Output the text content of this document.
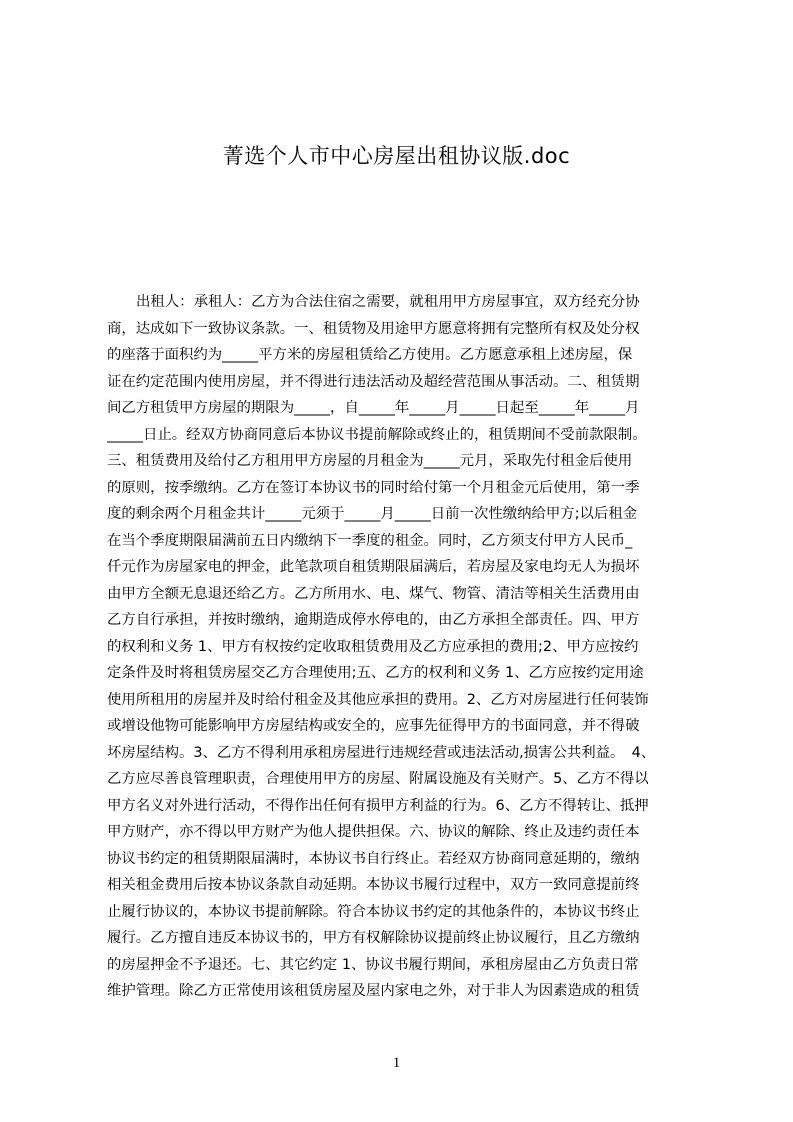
菁选个人市中心房屋出租协议版.doc
出租人：承租人：乙方为合法住宿之需要，就租用甲方房屋事宜，双方经充分协
商，达成如下一致协议条款。一、租赁物及用途甲方愿意将拥有完整所有权及处分权
的座落于面积约为_____平方米的房屋租赁给乙方使用。乙方愿意承租上述房屋，保
证在约定范围内使用房屋，并不得进行违法活动及超经营范围从事活动。二、租赁期
间乙方租赁甲方房屋的期限为_____，自_____年_____月_____日起至_____年_____月
_____日止。经双方协商同意后本协议书提前解除或终止的，租赁期间不受前款限制。
三、租赁费用及给付乙方租用甲方房屋的月租金为_____元月，采取先付租金后使用
的原则，按季缴纳。乙方在签订本协议书的同时给付第一个月租金元后使用，第一季
度的剩余两个月租金共计_____元须于_____月_____日前一次性缴纳给甲方;以后租金
在当个季度期限届满前五日内缴纳下一季度的租金。同时，乙方须支付甲方人民币_
仟元作为房屋家电的押金，此笔款项自租赁期限届满后，若房屋及家电均无人为损坏
由甲方全额无息退还给乙方。乙方所用水、电、煤气、物管、清洁等相关生活费用由
乙方自行承担，并按时缴纳，逾期造成停水停电的，由乙方承担全部责任。四、甲方
的权利和义务 1、甲方有权按约定收取租赁费用及乙方应承担的费用;2、甲方应按约
定条件及时将租赁房屋交乙方合理使用;五、乙方的权利和义务 1、乙方应按约定用途
使用所租用的房屋并及时给付租金及其他应承担的费用。2、乙方对房屋进行任何装饰
或增设他物可能影响甲方房屋结构或安全的，应事先征得甲方的书面同意，并不得破
坏房屋结构。3、乙方不得利用承租房屋进行违规经营或违法活动,损害公共利益。　4、
乙方应尽善良管理职责，合理使用甲方的房屋、附属设施及有关财产。5、乙方不得以
甲方名义对外进行活动，不得作出任何有损甲方利益的行为。6、乙方不得转让、抵押
甲方财产，亦不得以甲方财产为他人提供担保。六、协议的解除、终止及违约责任本
协议书约定的租赁期限届满时，本协议书自行终止。若经双方协商同意延期的，缴纳
相关租金费用后按本协议条款自动延期。本协议书履行过程中，双方一致同意提前终
止履行协议的，本协议书提前解除。符合本协议书约定的其他条件的，本协议书终止
履行。乙方擅自违反本协议书的，甲方有权解除协议提前终止协议履行，且乙方缴纳
的房屋押金不予退还。七、其它约定 1、协议书履行期间，承租房屋由乙方负责日常
维护管理。除乙方正常使用该租赁房屋及屋内家电之外，对于非人为因素造成的租赁
1
